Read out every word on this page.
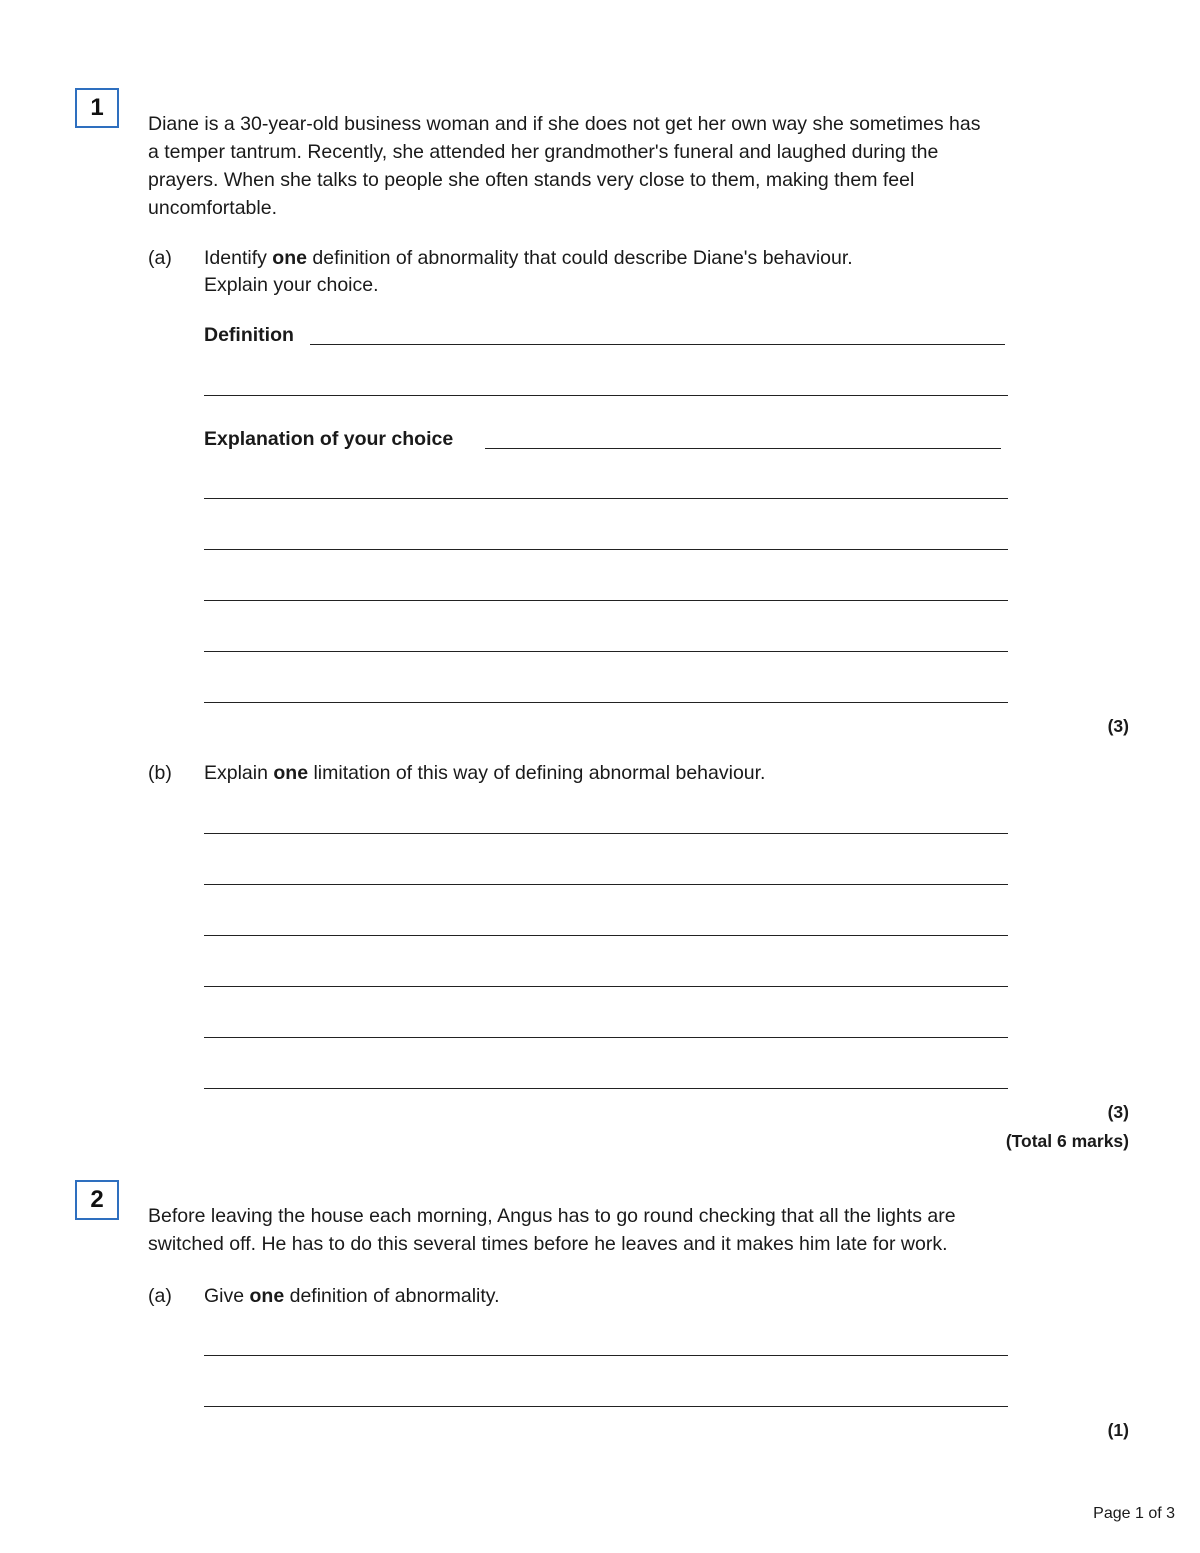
1

Diane is a 30-year-old business woman and if she does not get her own way she sometimes has

a temper tantrum. Recently, she attended her grandmother's funeral and laughed during the

prayers. When she talks to people she often stands very close to them, making them feel

uncomfortable.

(a) Identify one definition of abnormality that could describe Diane's behaviour.
Explain your choice.
Definition
Explanation of your choice
(3)
(b) Explain one limitation of this way of defining abnormal behaviour.
(3)
(Total 6 marks)
2

Before leaving the house each morning, Angus has to go round checking that all the lights are

switched off. He has to do this several times before he leaves and it makes him late for work.

(a) Give one definition of abnormality.
(1)
Page 1 of 3
